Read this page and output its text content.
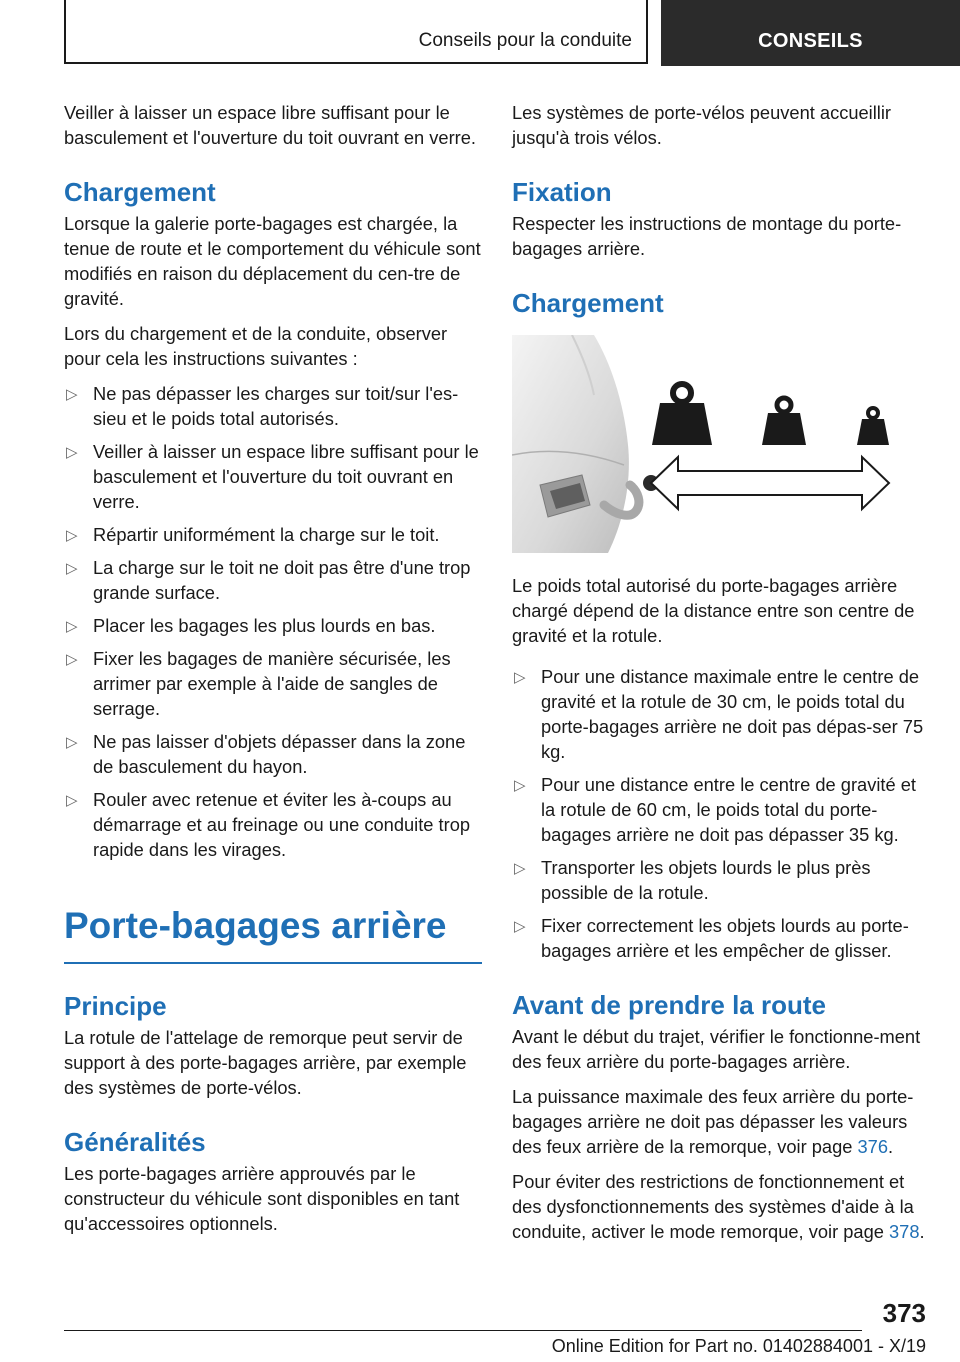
Conseils pour la conduite	CONSEILS

Veiller à laisser un espace libre suffisant pour le basculement et l'ouverture du toit ouvrant en verre.

Chargement

Lorsque la galerie porte-bagages est chargée, la tenue de route et le comportement du véhicule sont modifiés en raison du déplacement du cen-tre de gravité.

Lors du chargement et de la conduite, observer pour cela les instructions suivantes :

▷ Ne pas dépasser les charges sur toit/sur l'es-sieu et le poids total autorisés.
▷ Veiller à laisser un espace libre suffisant pour le basculement et l'ouverture du toit ouvrant en verre.
▷ Répartir uniformément la charge sur le toit.
▷ La charge sur le toit ne doit pas être d'une trop grande surface.
▷ Placer les bagages les plus lourds en bas.
▷ Fixer les bagages de manière sécurisée, les arrimer par exemple à l'aide de sangles de serrage.
▷ Ne pas laisser d'objets dépasser dans la zone de basculement du hayon.
▷ Rouler avec retenue et éviter les à-coups au démarrage et au freinage ou une conduite trop rapide dans les virages.
Porte-bagages arrière
Principe

La rotule de l'attelage de remorque peut servir de support à des porte-bagages arrière, par exemple des systèmes de porte-vélos.

Généralités

Les porte-bagages arrière approuvés par le constructeur du véhicule sont disponibles en tant qu'accessoires optionnels.

Les systèmes de porte-vélos peuvent accueillir jusqu'à trois vélos.

Fixation

Respecter les instructions de montage du porte-bagages arrière.

Chargement

Le poids total autorisé du porte-bagages arrière chargé dépend de la distance entre son centre de gravité et la rotule.

▷ Pour une distance maximale entre le centre de gravité et la rotule de 30 cm, le poids total du porte-bagages arrière ne doit pas dépas-ser 75 kg.
▷ Pour une distance entre le centre de gravité et la rotule de 60 cm, le poids total du porte-bagages arrière ne doit pas dépasser 35 kg.
▷ Transporter les objets lourds le plus près possible de la rotule.
▷ Fixer correctement les objets lourds au porte-bagages arrière et les empêcher de glisser.
Avant de prendre la route

Avant le début du trajet, vérifier le fonctionne-ment des feux arrière du porte-bagages arrière.

La puissance maximale des feux arrière du porte-bagages arrière ne doit pas dépasser les valeurs des feux arrière de la remorque, voir page 376.

Pour éviter des restrictions de fonctionnement et des dysfonctionnements des systèmes d'aide à la conduite, activer le mode remorque, voir page 378.

373
Online Edition for Part no. 01402884001 - X/19
